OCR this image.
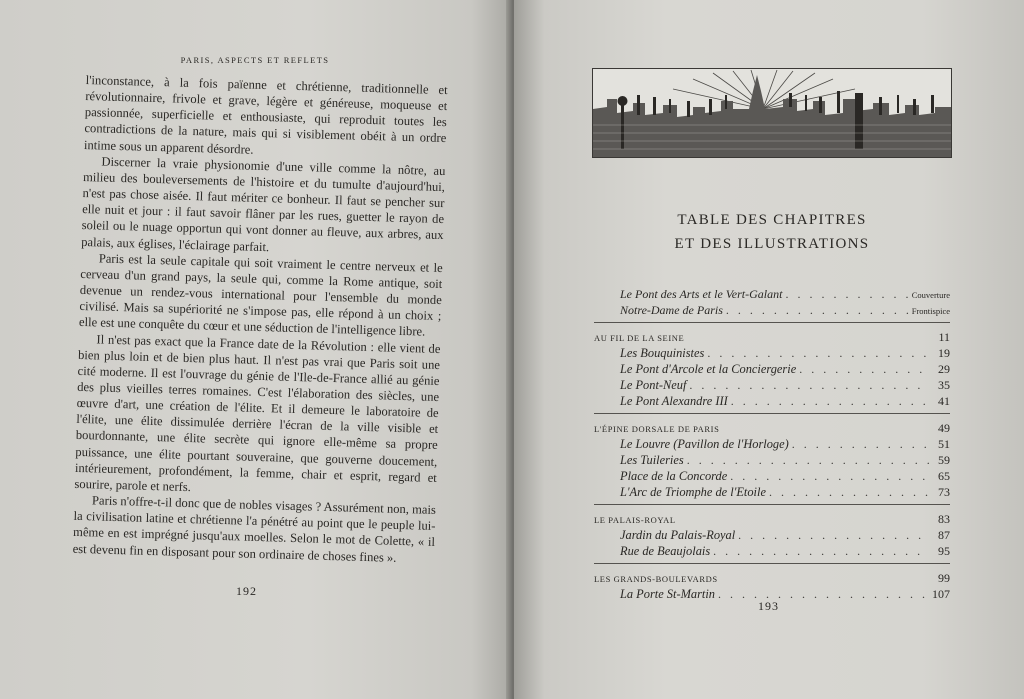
PARIS, ASPECTS ET REFLETS

l'inconstance, à la fois païenne et chrétienne, traditionnelle et révolutionnaire, frivole et grave, légère et généreuse, moqueuse et passionnée, superficielle et enthousiaste, qui reproduit toutes les contradictions de la nature, mais qui si visiblement obéit à un ordre intime sous un apparent désordre.

Discerner la vraie physionomie d'une ville comme la nôtre, au milieu des bouleversements de l'histoire et du tumulte d'aujourd'hui, n'est pas chose aisée. Il faut mériter ce bonheur. Il faut se pencher sur elle nuit et jour : il faut savoir flâner par les rues, guetter le rayon de soleil ou le nuage opportun qui vont donner au fleuve, aux arbres, aux palais, aux églises, l'éclairage parfait.

Paris est la seule capitale qui soit vraiment le centre nerveux et le cerveau d'un grand pays, la seule qui, comme la Rome antique, soit devenue un rendez-vous international pour l'ensemble du monde civilisé. Mais sa supériorité ne s'impose pas, elle répond à un choix ; elle est une conquête du cœur et une séduction de l'intelligence libre.

Il n'est pas exact que la France date de la Révolution : elle vient de bien plus loin et de bien plus haut. Il n'est pas vrai que Paris soit une cité moderne. Il est l'ouvrage du génie de l'Ile-de-France allié au génie des plus vieilles terres romaines. C'est l'élaboration des siècles, une œuvre d'art, une création de l'élite. Et il demeure le laboratoire de l'élite, une élite dissimulée derrière l'écran de la ville visible et bourdonnante, une élite secrète qui ignore elle-même sa propre puissance, une élite pourtant souveraine, que gouverne doucement, intérieurement, profondément, la femme, chair et esprit, regard et sourire, parole et nerfs.

Paris n'offre-t-il donc que de nobles visages ? Assurément non, mais la civilisation latine et chrétienne l'a pénétré au point que le peuple lui-même en est imprégné jusqu'aux moelles. Selon le mot de Colette, « il est devenu fin en disposant pour son ordinaire de choses fines ».

192
TABLE DES CHAPITRES
ET DES ILLUSTRATIONS
Le Pont des Arts et le Vert-Galant . . .	Couverture
Notre-Dame de Paris . . .	Frontispice
AU FIL DE LA SEINE	11
Les Bouquinistes . . .	19
Le Pont d'Arcole et la Conciergerie . . .	29
Le Pont-Neuf . . .	35
Le Pont Alexandre III . . .	41
L'ÉPINE DORSALE DE PARIS	49
Le Louvre (Pavillon de l'Horloge) . . .	51
Les Tuileries . . .	59
Place de la Concorde . . .	65
L'Arc de Triomphe de l'Etoile . . .	73
LE PALAIS-ROYAL	83
Jardin du Palais-Royal . . .	87
Rue de Beaujolais . . .	95
LES GRANDS-BOULEVARDS	99
La Porte St-Martin . . .	107
193
